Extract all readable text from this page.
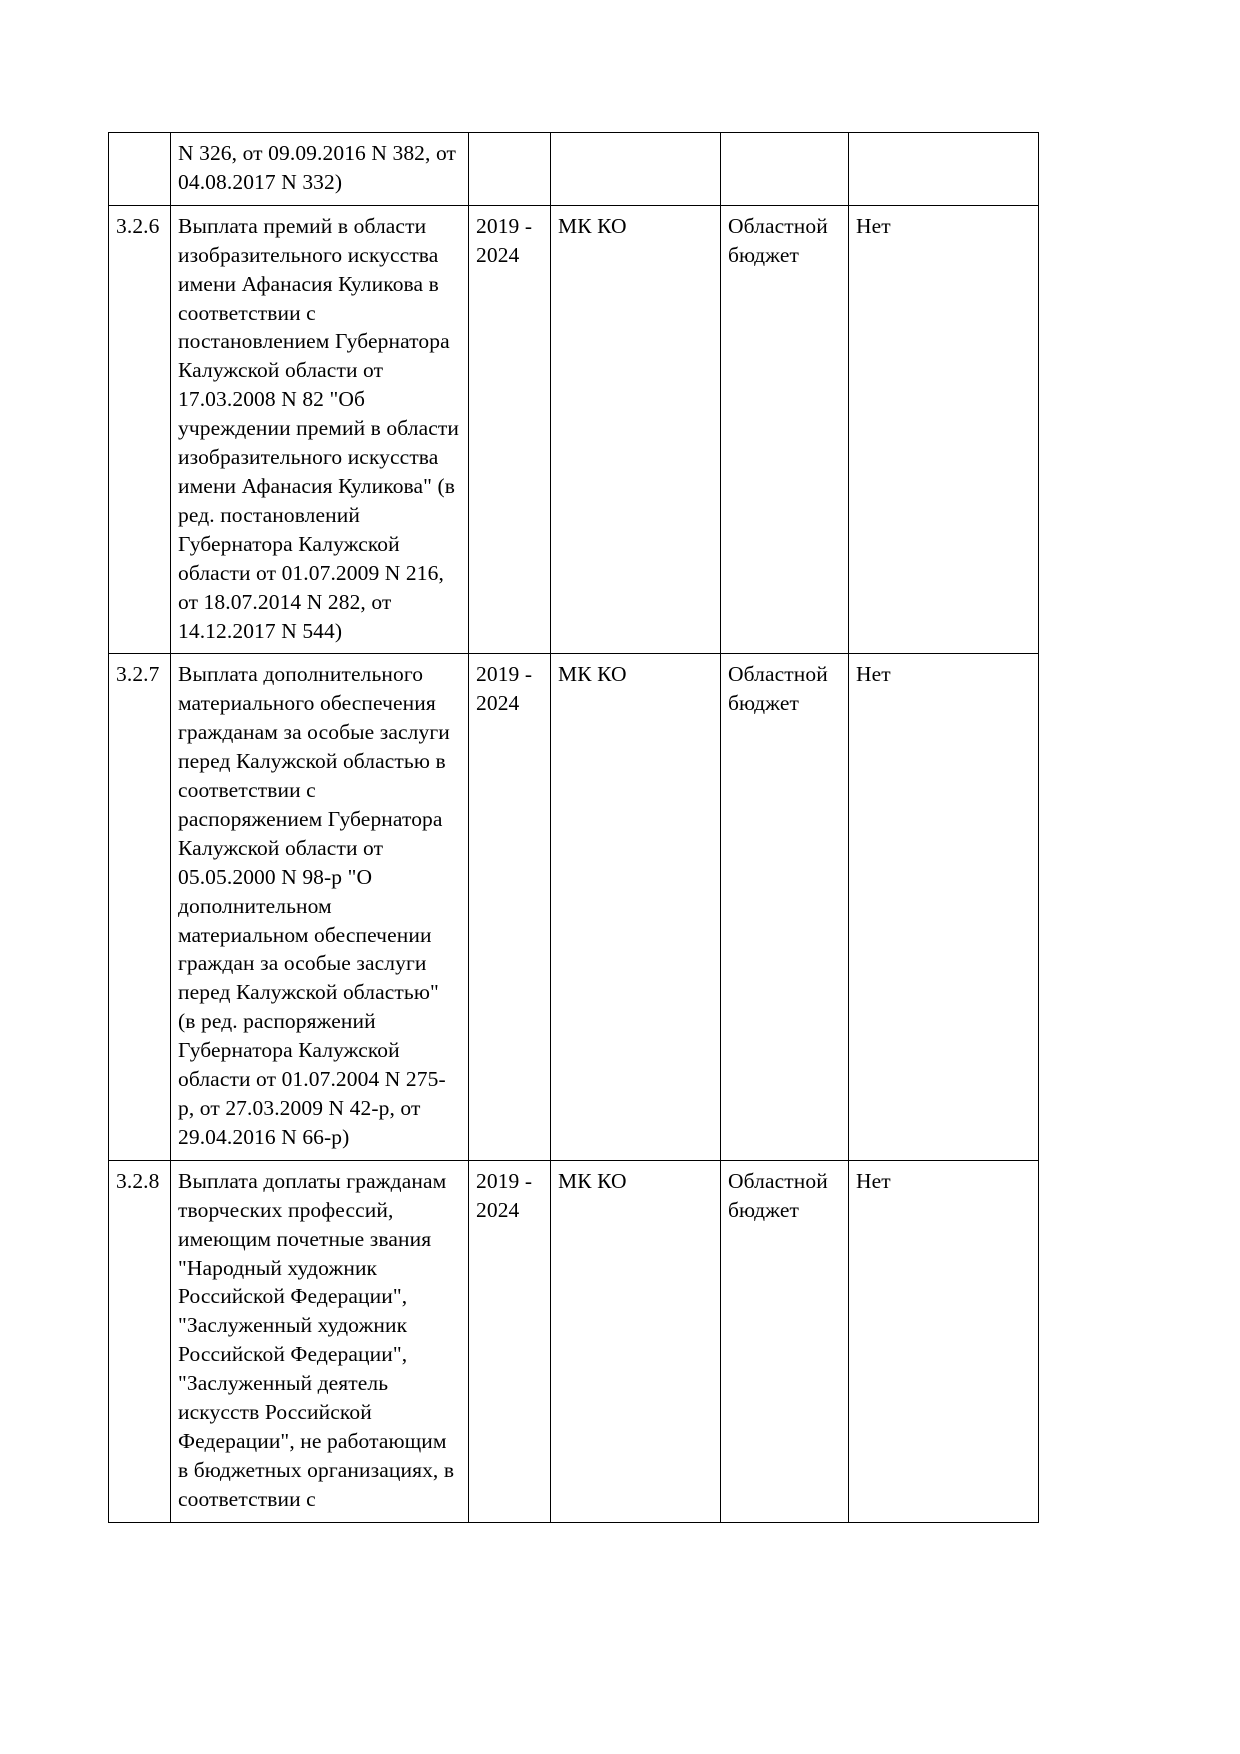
	N 326, от 09.09.2016 N 382, от 04.08.2017 N 332)				
3.2.6	Выплата премий в области изобразительного искусства имени Афанасия Куликова в соответствии с постановлением Губернатора Калужской области от 17.03.2008 N 82 "Об учреждении премий в области изобразительного искусства имени Афанасия Куликова" (в ред. постановлений Губернатора Калужской области от 01.07.2009 N 216, от 18.07.2014 N 282, от 14.12.2017 N 544)	2019 - 2024	МК КО	Областной бюджет	Нет
3.2.7	Выплата дополнительного материального обеспечения гражданам за особые заслуги перед Калужской областью в соответствии с распоряжением Губернатора Калужской области от 05.05.2000 N 98-р "О дополнительном материальном обеспечении граждан за особые заслуги перед Калужской областью" (в ред. распоряжений Губернатора Калужской области от 01.07.2004 N 275-р, от 27.03.2009 N 42-р, от 29.04.2016 N 66-р)	2019 - 2024	МК КО	Областной бюджет	Нет
3.2.8	Выплата доплаты гражданам творческих профессий, имеющим почетные звания "Народный художник Российской Федерации", "Заслуженный художник Российской Федерации", "Заслуженный деятель искусств Российской Федерации", не работающим в бюджетных организациях, в соответствии с	2019 - 2024	МК КО	Областной бюджет	Нет
